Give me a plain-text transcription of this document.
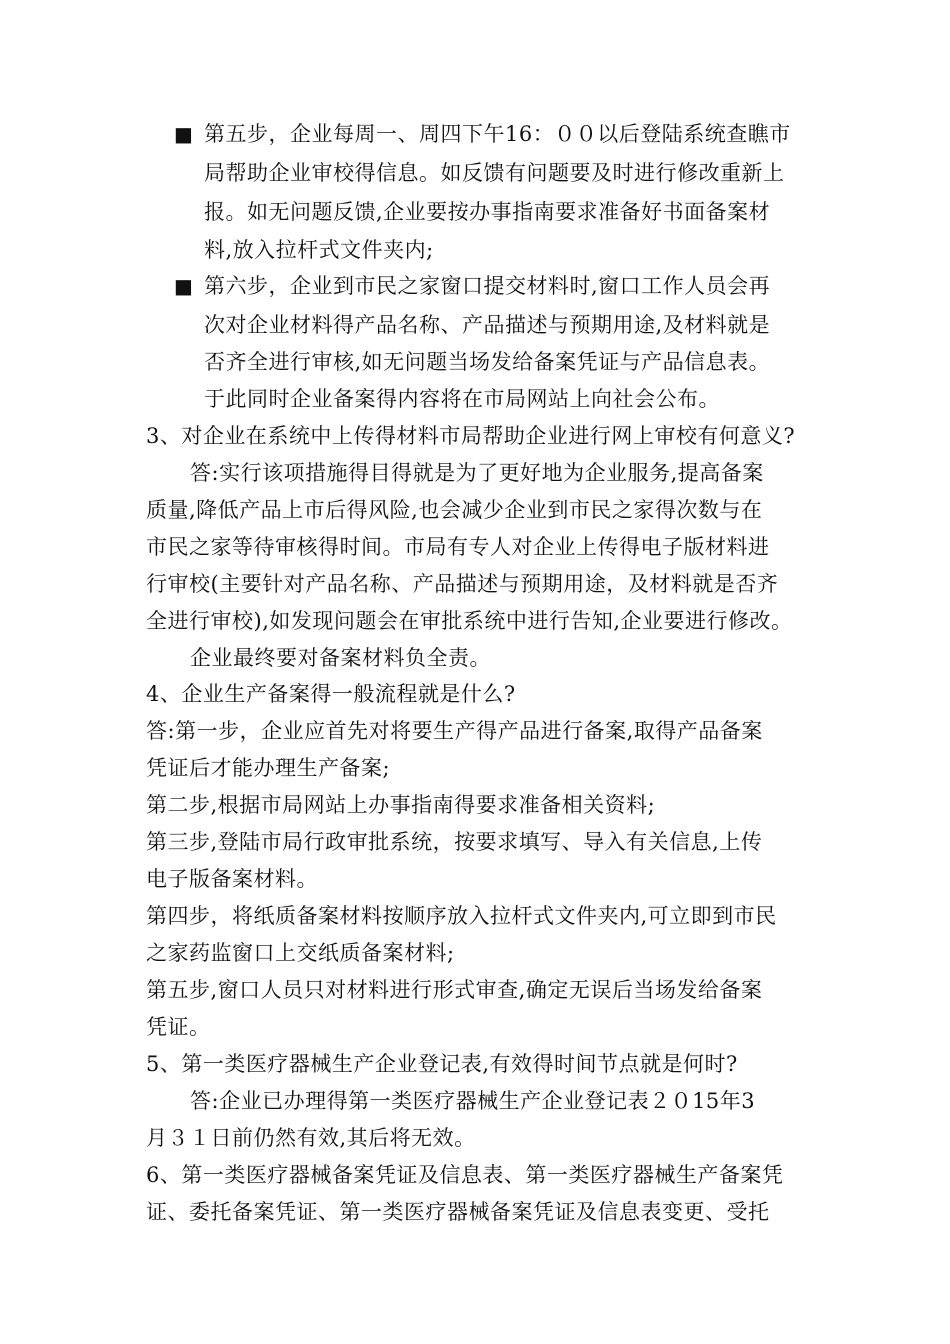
■ 第五步，企业每周一、周四下午16：００以后登陆系统查瞧市
局帮助企业审校得信息。如反馈有问题要及时进行修改重新上
报。如无问题反馈,企业要按办事指南要求准备好书面备案材
料,放入拉杆式文件夹内;
■ 第六步，企业到市民之家窗口提交材料时,窗口工作人员会再
次对企业材料得产品名称、产品描述与预期用途,及材料就是
否齐全进行审核,如无问题当场发给备案凭证与产品信息表。
于此同时企业备案得内容将在市局网站上向社会公布。
3、对企业在系统中上传得材料市局帮助企业进行网上审校有何意义?
答:实行该项措施得目得就是为了更好地为企业服务,提高备案
质量,降低产品上市后得风险,也会减少企业到市民之家得次数与在
市民之家等待审核得时间。市局有专人对企业上传得电子版材料进
行审校(主要针对产品名称、产品描述与预期用途，及材料就是否齐
全进行审校),如发现问题会在审批系统中进行告知,企业要进行修改。
企业最终要对备案材料负全责。
4、企业生产备案得一般流程就是什么?
答:第一步，企业应首先对将要生产得产品进行备案,取得产品备案
凭证后才能办理生产备案;
第二步,根据市局网站上办事指南得要求准备相关资料;
第三步,登陆市局行政审批系统，按要求填写、导入有关信息,上传
电子版备案材料。
第四步，将纸质备案材料按顺序放入拉杆式文件夹内,可立即到市民
之家药监窗口上交纸质备案材料;
第五步,窗口人员只对材料进行形式审查,确定无误后当场发给备案
凭证。
5、第一类医疗器械生产企业登记表,有效得时间节点就是何时?
答:企业已办理得第一类医疗器械生产企业登记表２０15年3
月３１日前仍然有效,其后将无效。
6、第一类医疗器械备案凭证及信息表、第一类医疗器械生产备案凭
证、委托备案凭证、第一类医疗器械备案凭证及信息表变更、受托
